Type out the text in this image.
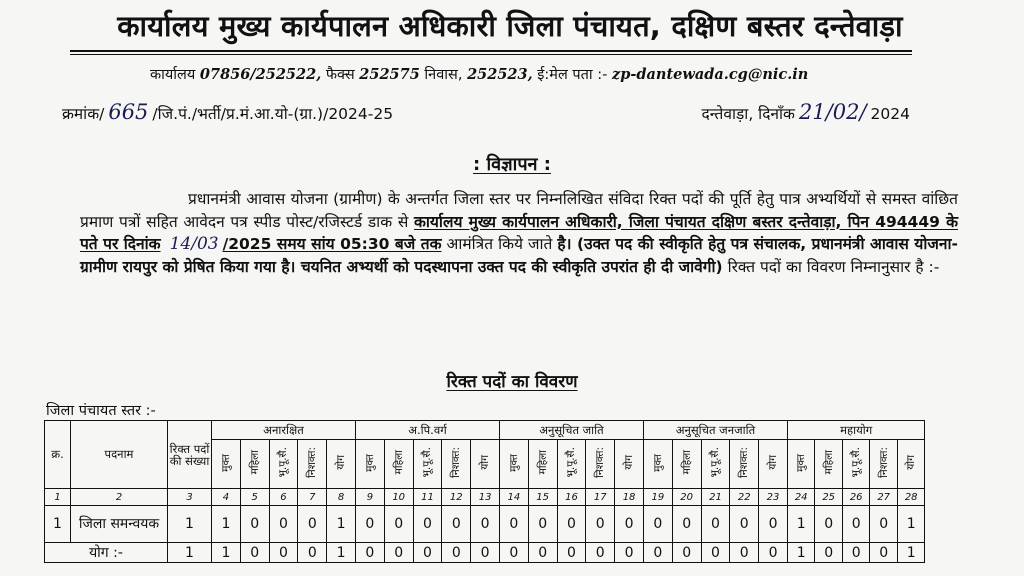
कार्यालय मुख्य कार्यपालन अधिकारी जिला पंचायत, दक्षिण बस्तर दन्तेवाड़ा
कार्यालय 07856/252522, फैक्स 252575 निवास, 252523, ई:मेल पता :- zp-dantewada.cg@nic.in
क्रमांक/ 665 /जि.पं./भर्ती/प्र.मं.आ.यो-(ग्रा.)/2024-25	दन्तेवाड़ा, दिनाँक 21/02/ 2024
: विज्ञापन :
प्रधानमंत्री आवास योजना (ग्रामीण) के अन्तर्गत जिला स्तर पर निम्नलिखित संविदा रिक्त पदों की पूर्ति हेतु पात्र अभ्यर्थियों से समस्त वांछित प्रमाण पत्रों सहित आवेदन पत्र स्पीड पोस्ट/रजिस्टर्ड डाक से कार्यालय मुख्य कार्यपालन अधिकारी, जिला पंचायत दक्षिण बस्तर दन्तेवाड़ा, पिन 494449 के पते पर दिनांक 14/03 /2025 समय सांय 05:30 बजे तक आमंत्रित किये जाते है। (उक्त पद की स्वीकृति हेतु पत्र संचालक, प्रधानमंत्री आवास योजना-ग्रामीण रायपुर को प्रेषित किया गया है। चयनित अभ्यर्थी को पदस्थापना उक्त पद की स्वीकृति उपरांत ही दी जावेगी) रिक्त पदों का विवरण निम्नानुसार है :-
रिक्त पदों का विवरण
जिला पंचायत स्तर :-
क्र.	पदनाम	रिक्त पदों की संख्या	अनारक्षित					अ.पि.वर्ग					अनुसूचित जाति					अनुसूचित जनजाति					महायोग				
			मुक्त	महिला	भू.पू.सै.	निशक्त:	योग	मुक्त	महिला	भू.पू.सै.	निशक्त:	योग	मुक्त	महिला	भू.पू.सै.	निशक्त:	योग	मुक्त	महिला	भू.पू.सै.	निशक्त:	योग	मुक्त	महिला	भू.पू.सै.	निशक्त:	योग
1	2	3	4	5	6	7	8	9	10	11	12	13	14	15	16	17	18	19	20	21	22	23	24	25	26	27	28
1	जिला समन्वयक	1	1	0	0	0	1	0	0	0	0	0	0	0	0	0	0	0	0	0	0	0	1	0	0	0	1
योग :-		1	1	0	0	0	1	0	0	0	0	0	0	0	0	0	0	0	0	0	0	0	1	0	0	0	1
